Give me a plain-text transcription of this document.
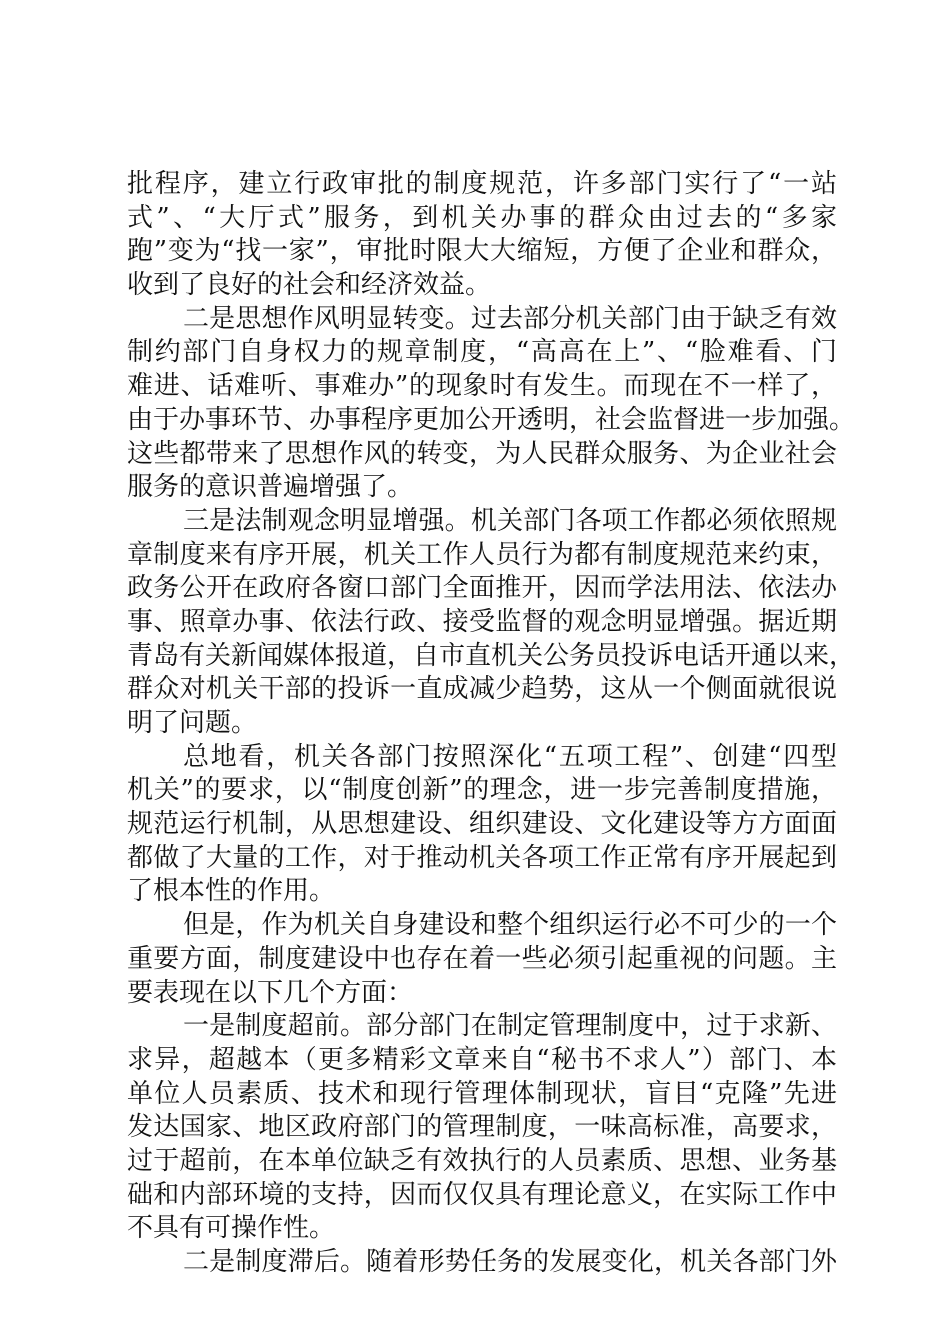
批程序，建立行政审批的制度规范，许多部门实行了“一站
式”、“大厅式”服务，到机关办事的群众由过去的“多家
跑”变为“找一家”，审批时限大大缩短，方便了企业和群众，
收到了良好的社会和经济效益。
二是思想作风明显转变。过去部分机关部门由于缺乏有效
制约部门自身权力的规章制度，“高高在上”、“脸难看、门
难进、话难听、事难办”的现象时有发生。而现在不一样了，
由于办事环节、办事程序更加公开透明，社会监督进一步加强。
这些都带来了思想作风的转变，为人民群众服务、为企业社会
服务的意识普遍增强了。
三是法制观念明显增强。机关部门各项工作都必须依照规
章制度来有序开展，机关工作人员行为都有制度规范来约束，
政务公开在政府各窗口部门全面推开，因而学法用法、依法办
事、照章办事、依法行政、接受监督的观念明显增强。据近期
青岛有关新闻媒体报道，自市直机关公务员投诉电话开通以来，
群众对机关干部的投诉一直成减少趋势，这从一个侧面就很说
明了问题。
总地看，机关各部门按照深化“五项工程”、创建“四型
机关”的要求，以“制度创新”的理念，进一步完善制度措施，
规范运行机制，从思想建设、组织建设、文化建设等方方面面
都做了大量的工作，对于推动机关各项工作正常有序开展起到
了根本性的作用。
但是，作为机关自身建设和整个组织运行必不可少的一个
重要方面，制度建设中也存在着一些必须引起重视的问题。主
要表现在以下几个方面：
一是制度超前。部分部门在制定管理制度中，过于求新、
求异，超越本（更多精彩文章来自“秘书不求人”）部门、本
单位人员素质、技术和现行管理体制现状，盲目“克隆”先进
发达国家、地区政府部门的管理制度，一味高标准，高要求，
过于超前，在本单位缺乏有效执行的人员素质、思想、业务基
础和内部环境的支持，因而仅仅具有理论意义，在实际工作中
不具有可操作性。
二是制度滞后。随着形势任务的发展变化，机关各部门外
